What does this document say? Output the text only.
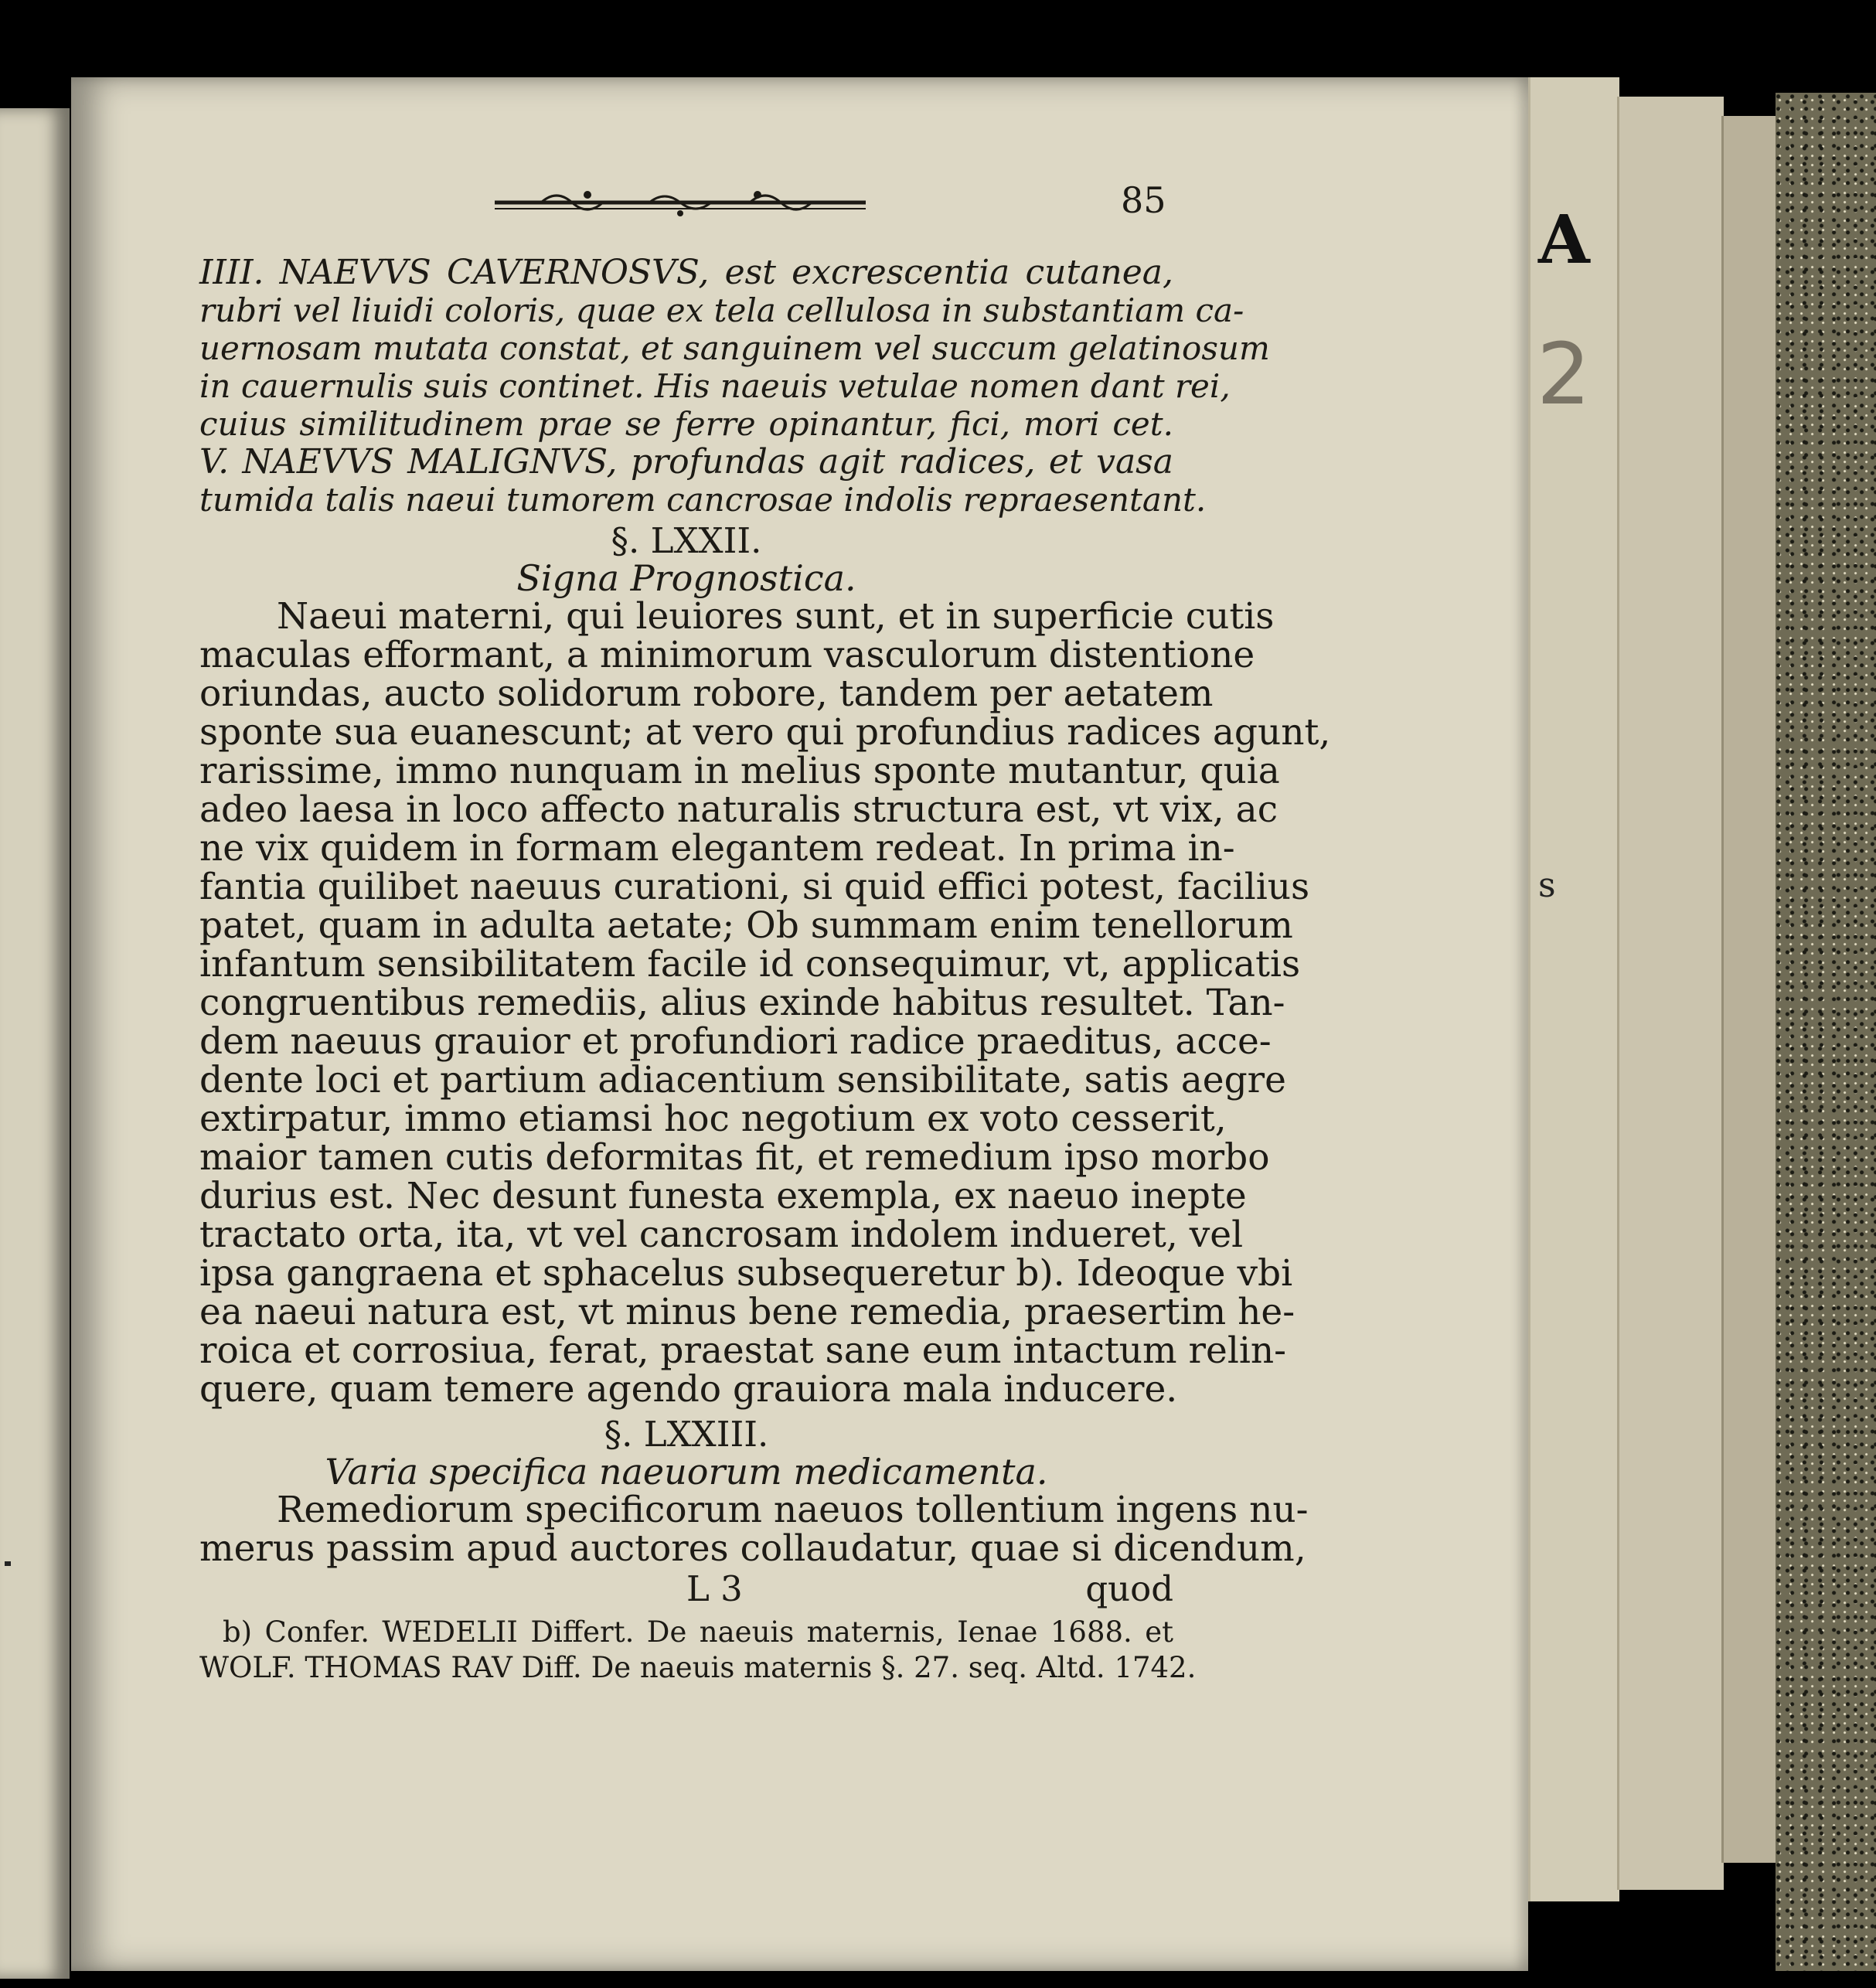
A
2
s
85
IIII. NAEVVS CAVERNOSVS, est excrescentia cutanea,
rubri vel liuidi coloris, quae ex tela cellulosa in substantiam ca-
uernosam mutata constat, et sanguinem vel succum gelatinosum
in cauernulis suis continet. His naeuis vetulae nomen dant rei,
cuius similitudinem prae se ferre opinantur, fici, mori cet.
V. NAEVVS MALIGNVS, profundas agit radices, et vasa
tumida talis naeui tumorem cancrosae indolis repraesentant.
§. LXXII.
Signa Prognostica.
Naeui materni, qui leuiores sunt, et in superficie cutis
maculas efformant, a minimorum vasculorum distentione
oriundas, aucto solidorum robore, tandem per aetatem
sponte sua euanescunt; at vero qui profundius radices agunt,
rarissime, immo nunquam in melius sponte mutantur, quia
adeo laesa in loco affecto naturalis structura est, vt vix, ac
ne vix quidem in formam elegantem redeat. In prima in-
fantia quilibet naeuus curationi, si quid effici potest, facilius
patet, quam in adulta aetate; Ob summam enim tenellorum
infantum sensibilitatem facile id consequimur, vt, applicatis
congruentibus remediis, alius exinde habitus resultet. Tan-
dem naeuus grauior et profundiori radice praeditus, acce-
dente loci et partium adiacentium sensibilitate, satis aegre
extirpatur, immo etiamsi hoc negotium ex voto cesserit,
maior tamen cutis deformitas fit, et remedium ipso morbo
durius est. Nec desunt funesta exempla, ex naeuo inepte
tractato orta, ita, vt vel cancrosam indolem indueret, vel
ipsa gangraena et sphacelus subsequeretur b). Ideoque vbi
ea naeui natura est, vt minus bene remedia, praesertim he-
roica et corrosiua, ferat, praestat sane eum intactum relin-
quere, quam temere agendo grauiora mala inducere.
§. LXXIII.
Varia specifica naeuorum medicamenta.
Remediorum specificorum naeuos tollentium ingens nu-
merus passim apud auctores collaudatur, quae si dicendum,
L 3	quod
b) Confer. WEDELII Differt. De naeuis maternis, Ienae 1688. et
WOLF. THOMAS RAV Diff. De naeuis maternis §. 27. seq. Altd. 1742.
